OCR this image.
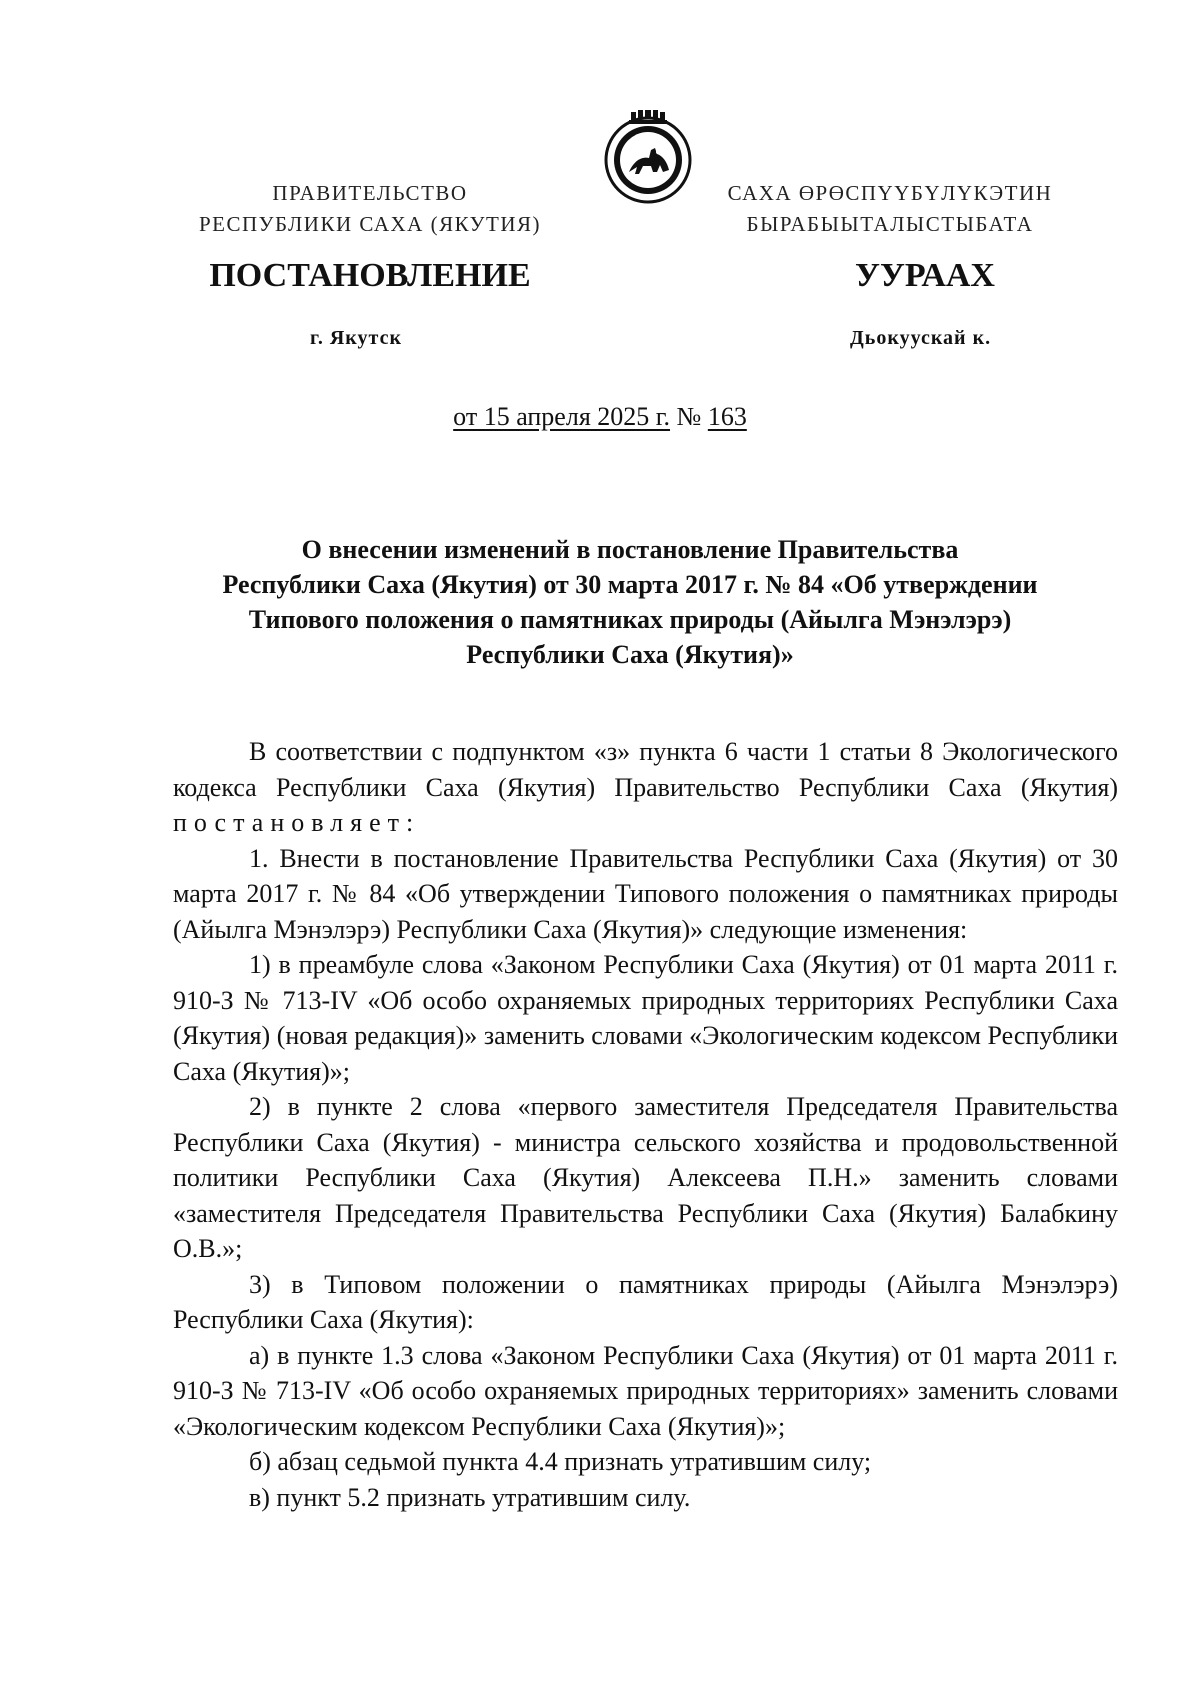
ПРАВИТЕЛЬСТВО
РЕСПУБЛИКИ САХА (ЯКУТИЯ)
САХА ӨРӨСПҮҮБҮЛҮКЭТИН
БЫРАБЫЫТАЛЫСТЫБАТА
ПОСТАНОВЛЕНИЕ	УУРААХ
г. Якутск	Дьокуускай к.
от 15 апреля 2025 г. № 163
О внесении изменений в постановление Правительства
Республики Саха (Якутия) от 30 марта 2017 г. № 84 «Об утверждении
Типового положения о памятниках природы (Айылга Мэнэлэрэ)
Республики Саха (Якутия)»

В соответствии с подпунктом «з» пункта 6 части 1 статьи 8 Экологического кодекса Республики Саха (Якутия) Правительство Республики Саха (Якутия) постановляет:

1. Внести в постановление Правительства Республики Саха (Якутия) от 30 марта 2017 г. № 84 «Об утверждении Типового положения о памятниках природы (Айылга Мэнэлэрэ) Республики Саха (Якутия)» следующие изменения:

1) в преамбуле слова «Законом Республики Саха (Якутия) от 01 марта 2011 г. 910-З № 713-IV «Об особо охраняемых природных территориях Республики Саха (Якутия) (новая редакция)» заменить словами «Экологическим кодексом Республики Саха (Якутия)»;

2) в пункте 2 слова «первого заместителя Председателя Правительства Республики Саха (Якутия) - министра сельского хозяйства и продовольственной политики Республики Саха (Якутия) Алексеева П.Н.» заменить словами «заместителя Председателя Правительства Республики Саха (Якутия) Балабкину О.В.»;

3) в Типовом положении о памятниках природы (Айылга Мэнэлэрэ) Республики Саха (Якутия):

а) в пункте 1.3 слова «Законом Республики Саха (Якутия) от 01 марта 2011 г. 910-З № 713-IV «Об особо охраняемых природных территориях» заменить словами «Экологическим кодексом Республики Саха (Якутия)»;

б) абзац седьмой пункта 4.4 признать утратившим силу;

в) пункт 5.2 признать утратившим силу.
